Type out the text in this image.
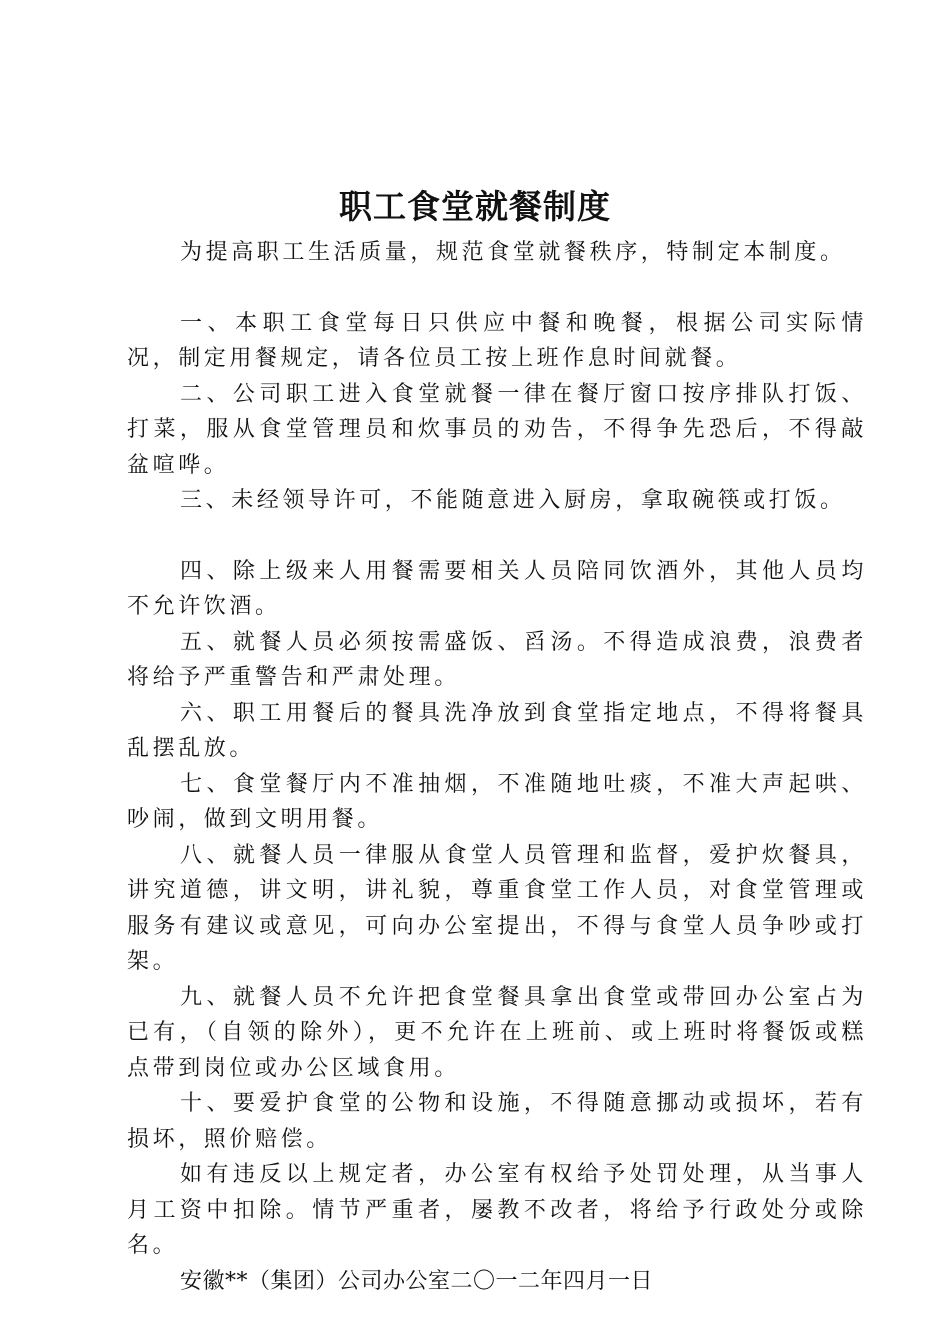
职工食堂就餐制度

为提高职工生活质量，规范食堂就餐秩序，特制定本制度。

一、本职工食堂每日只供应中餐和晚餐，根据公司实际情况，制定用餐规定，请各位员工按上班作息时间就餐。

二、公司职工进入食堂就餐一律在餐厅窗口按序排队打饭、打菜，服从食堂管理员和炊事员的劝告，不得争先恐后，不得敲盆喧哗。

三、未经领导许可，不能随意进入厨房，拿取碗筷或打饭。

四、除上级来人用餐需要相关人员陪同饮酒外，其他人员均不允许饮酒。

五、就餐人员必须按需盛饭、舀汤。不得造成浪费，浪费者将给予严重警告和严肃处理。

六、职工用餐后的餐具洗净放到食堂指定地点，不得将餐具乱摆乱放。

七、食堂餐厅内不准抽烟，不准随地吐痰，不准大声起哄、吵闹，做到文明用餐。

八、就餐人员一律服从食堂人员管理和监督，爱护炊餐具，讲究道德，讲文明，讲礼貌，尊重食堂工作人员，对食堂管理或服务有建议或意见，可向办公室提出，不得与食堂人员争吵或打架。

九、就餐人员不允许把食堂餐具拿出食堂或带回办公室占为已有，（自领的除外），更不允许在上班前、或上班时将餐饭或糕点带到岗位或办公区域食用。

十、要爱护食堂的公物和设施，不得随意挪动或损坏，若有损坏，照价赔偿。

如有违反以上规定者，办公室有权给予处罚处理，从当事人月工资中扣除。情节严重者，屡教不改者，将给予行政处分或除名。

安徽**（集团）公司办公室二〇一二年四月一日
